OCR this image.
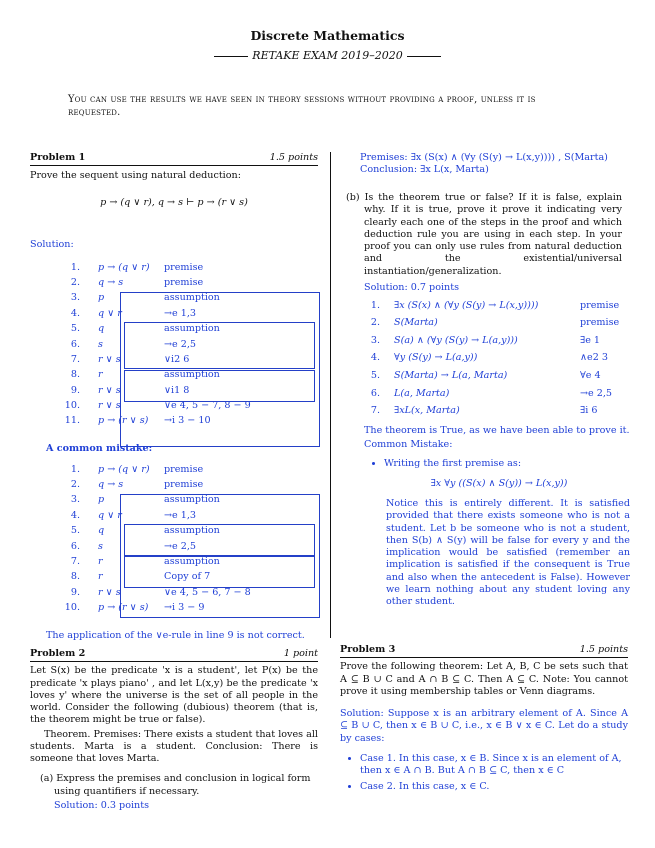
Discrete Mathematics
RETAKE EXAM 2019–2020
You can use the results we have seen in theory sessions without providing a proof, unless it is requested.
Problem 1	1.5 points
Prove the sequent using natural deduction:
p → (q ∨ r), q → s ⊢ p → (r ∨ s)
Solution:
1.	p → (q ∨ r)	premise
2.	q → s	premise
3.	p	assumption
4.	q ∨ r	→e 1,3
5.	q	assumption
6.	s	→e 2,5
7.	r ∨ s	∨i2 6
8.	r	assumption
9.	r ∨ s	∨i1 8
10.	r ∨ s	∨e 4, 5 − 7, 8 − 9
11.	p → (r ∨ s)	→i 3 − 10
A common mistake:
1.	p → (q ∨ r)	premise
2.	q → s	premise
3.	p	assumption
4.	q ∨ r	→e 1,3
5.	q	assumption
6.	s	→e 2,5
7.	r	assumption
8.	r	Copy of 7
9.	r ∨ s	∨e 4, 5 − 6, 7 − 8
10.	p → (r ∨ s)	→i 3 − 9
The application of the ∨e-rule in line 9 is not correct.
Problem 2	1 point
Let S(x) be the predicate 'x is a student', let P(x) be the predicate 'x plays piano' , and let L(x,y) be the predicate 'x loves y' where the universe is the set of all people in the world. Consider the following (dubious) theorem (that is, the theorem might be true or false).
Theorem. Premises: There exists a student that loves all students. Marta is a student. Conclusion: There is someone that loves Marta.
(a) Express the premises and conclusion in logical form using quantifiers if necessary.
Solution: 0.3 points
Premises: ∃x (S(x) ∧ (∀y (S(y) → L(x,y)))) , S(Marta)
Conclusion: ∃x L(x, Marta)
(b) Is the theorem true or false? If it is false, explain why. If it is true, prove it prove it indicating very clearly each one of the steps in the proof and which deduction rule you are using in each step. In your proof you can only use rules from natural deduction and the existential/universal instantiation/generalization.
Solution: 0.7 points
1.	∃x (S(x) ∧ (∀y (S(y) → L(x,y))))	premise
2.	S(Marta)	premise
3.	S(a) ∧ (∀y (S(y) → L(a,y)))	∃e 1
4.	∀y (S(y) → L(a,y))	∧e2 3
5.	S(Marta) → L(a, Marta)	∀e 4
6.	L(a, Marta)	→e 2,5
7.	∃xL(x, Marta)	∃i 6
The theorem is True, as we have been able to prove it.
Common Mistake:
• Writing the first premise as:
∃x ∀y ((S(x) ∧ S(y)) → L(x,y))
Notice this is entirely different. It is satisfied provided that there exists someone who is not a student. Let b be someone who is not a student, then S(b) ∧ S(y) will be false for every y and the implication would be satisfied (remember an implication is satisfied if the consequent is True and also when the antecedent is False). However we learn nothing about any student loving any other student.
Problem 3	1.5 points
Prove the following theorem: Let A, B, C be sets such that A ⊆ B ∪ C and A ∩ B ⊆ C. Then A ⊆ C. Note: You cannot prove it using membership tables or Venn diagrams.
Solution: Suppose x is an arbitrary element of A. Since A ⊆ B ∪ C, then x ∈ B ∪ C, i.e., x ∈ B ∨ x ∈ C. Let do a study by cases:
• Case 1. In this case, x ∈ B. Since x is an element of A, then x ∈ A ∩ B. But A ∩ B ⊆ C, then x ∈ C
• Case 2. In this case, x ∈ C.
